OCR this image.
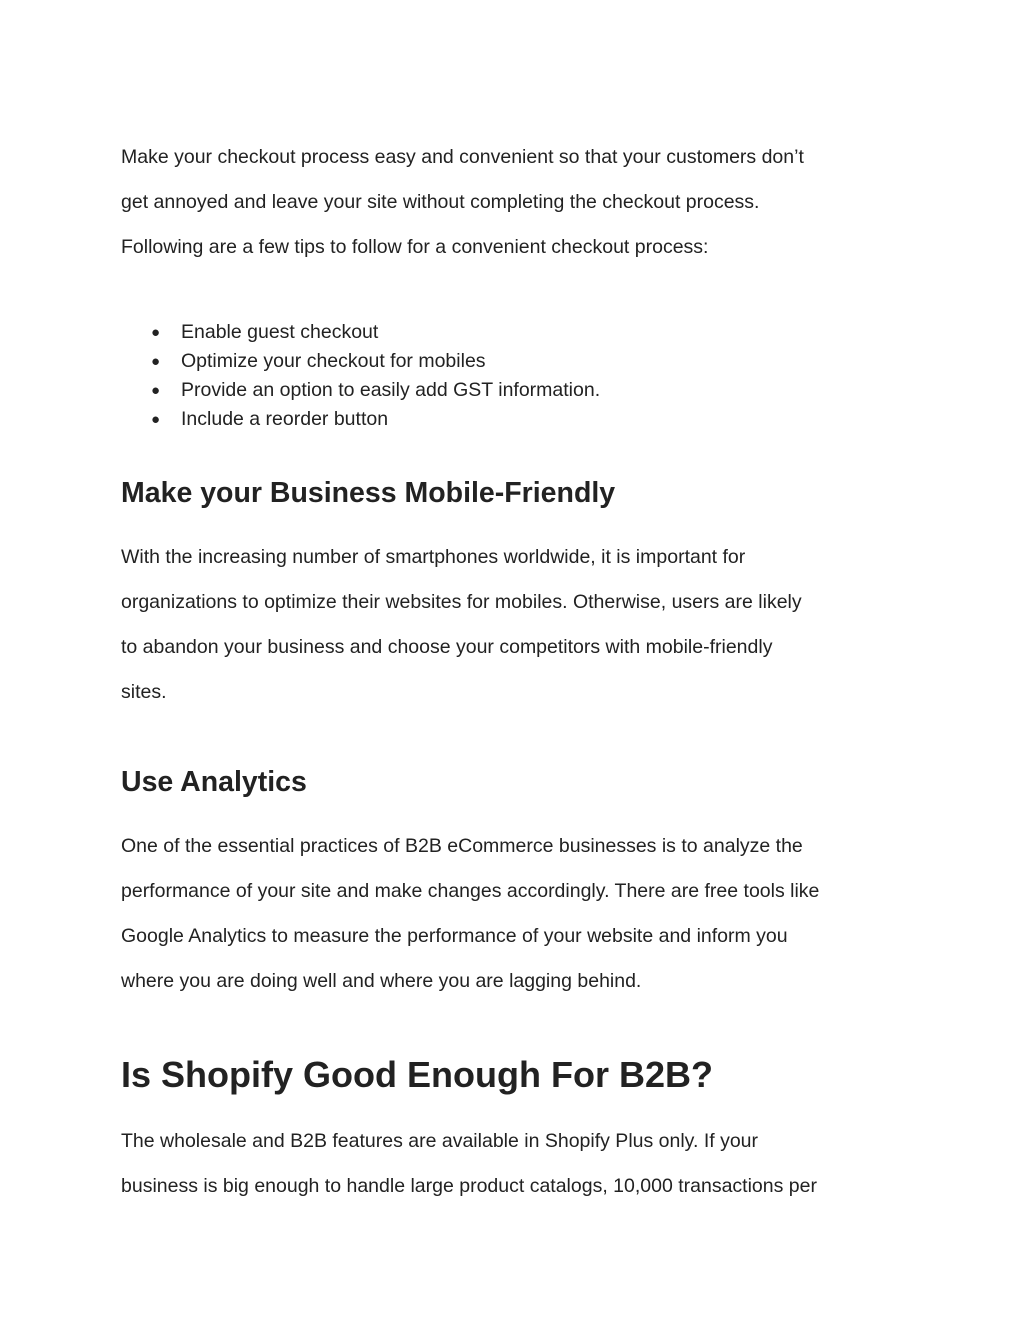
Make your checkout process easy and convenient so that your customers don’t

get annoyed and leave your site without completing the checkout process.

Following are a few tips to follow for a convenient checkout process:

● Enable guest checkout
● Optimize your checkout for mobiles
● Provide an option to easily add GST information.
● Include a reorder button
Make your Business Mobile-Friendly

With the increasing number of smartphones worldwide, it is important for

organizations to optimize their websites for mobiles. Otherwise, users are likely

to abandon your business and choose your competitors with mobile-friendly

sites.

Use Analytics

One of the essential practices of B2B eCommerce businesses is to analyze the

performance of your site and make changes accordingly. There are free tools like

Google Analytics to measure the performance of your website and inform you

where you are doing well and where you are lagging behind.

Is Shopify Good Enough For B2B?

The wholesale and B2B features are available in Shopify Plus only. If your

business is big enough to handle large product catalogs, 10,000 transactions per
